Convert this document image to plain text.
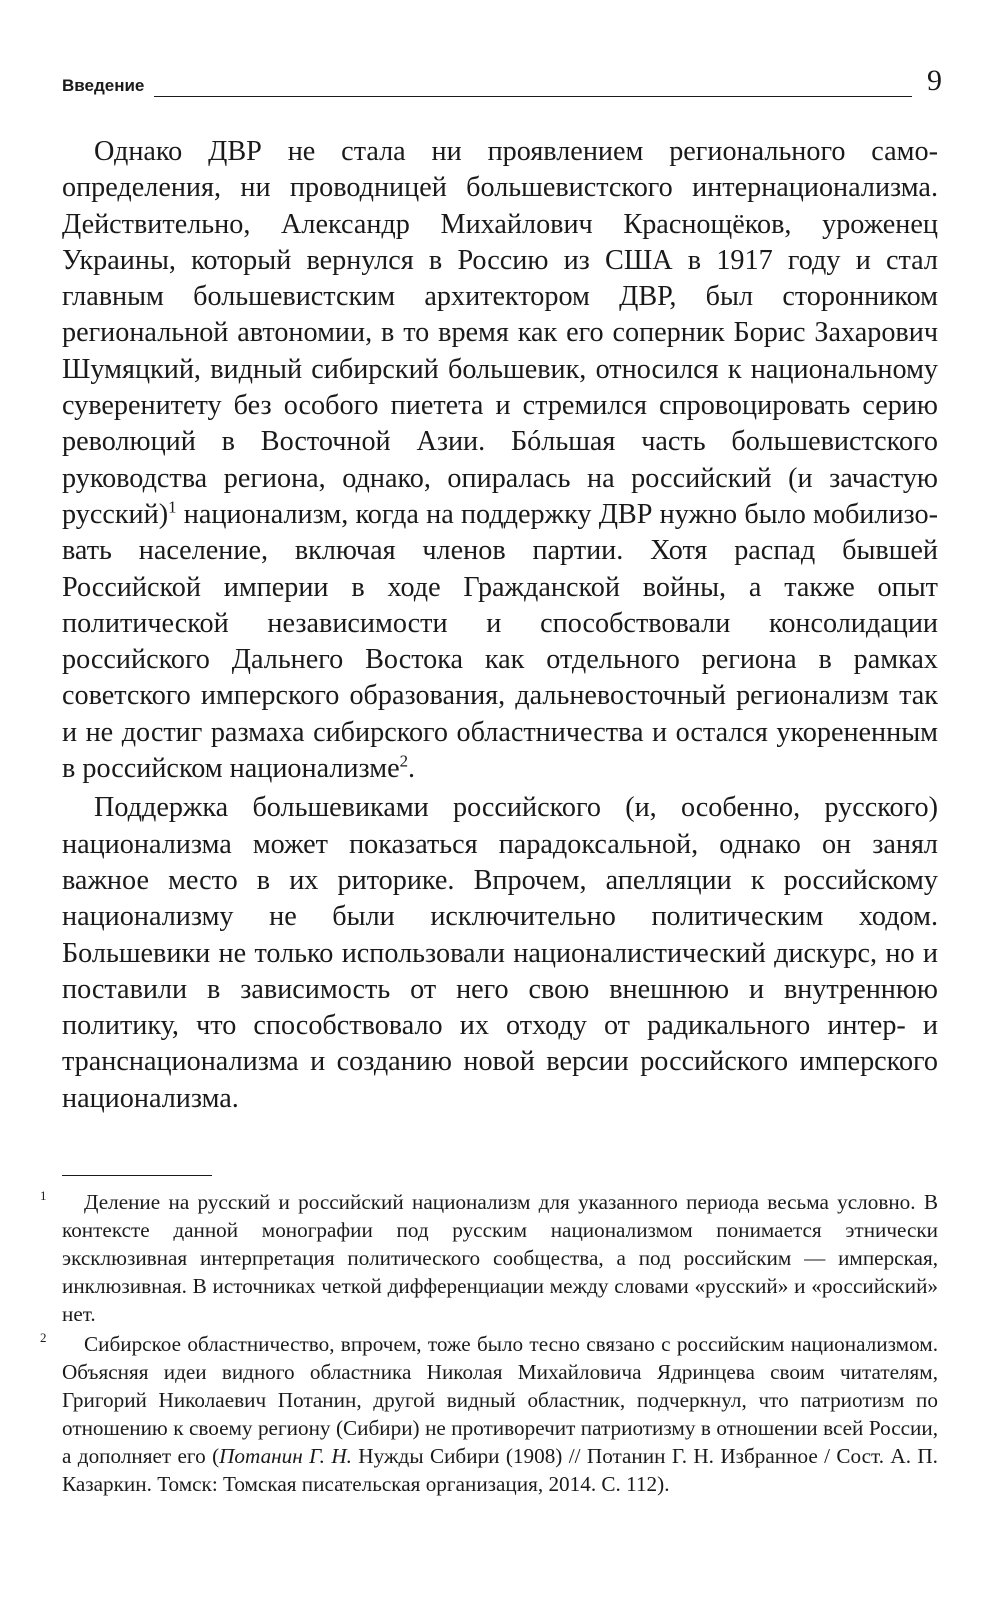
Введение	9

Однако ДВР не стала ни проявлением регионального самоопределения, ни проводницей большевистского интернационализма. Действительно, Александр Михайлович Краснощёков, уроженец Украины, который вернулся в Россию из США в 1917 году и стал главным большевистским архитектором ДВР, был сторонником региональной автономии, в то время как его соперник Борис Захарович Шумяцкий, видный сибирский большевик, относился к национальному суверенитету без особого пиетета и стремился спровоцировать серию революций в Восточной Азии. Бóльшая часть большевистского руководства региона, однако, опиралась на российский (и зачастую русский)$^1$ национализм, когда на поддержку ДВР нужно было мобилизовать население, включая членов партии. Хотя распад бывшей Российской империи в ходе Гражданской войны, а также опыт политической независимости и способствовали консолидации российского Дальнего Востока как отдельного региона в рамках советского имперского образования, дальневосточный регионализм так и не достиг размаха сибирского областничества и остался укорененным в российском национализме$^2$.

Поддержка большевиками российского (и, особенно, русского) национализма может показаться парадоксальной, однако он занял важное место в их риторике. Впрочем, апелляции к российскому национализму не были исключительно политическим ходом. Большевики не только использовали националистический дискурс, но и поставили в зависимость от него свою внешнюю и внутреннюю политику, что способствовало их отходу от радикального интер- и транснационализма и созданию новой версии российского имперского национализма.

1 Деление на русский и российский национализм для указанного периода весьма условно. В контексте данной монографии под русским национализмом понимается этнически эксклюзивная интерпретация политического сообщества, а под российским — имперская, инклюзивная. В источниках четкой дифференциации между словами «русский» и «российский» нет.

2 Сибирское областничество, впрочем, тоже было тесно связано с российским национализмом. Объясняя идеи видного областника Николая Михайловича Ядринцева своим читателям, Григорий Николаевич Потанин, другой видный областник, подчеркнул, что патриотизм по отношению к своему региону (Сибири) не противоречит патриотизму в отношении всей России, а дополняет его (Потанин Г. Н. Нужды Сибири (1908) // Потанин Г. Н. Избранное / Сост. А. П. Казаркин. Томск: Томская писательская организация, 2014. С. 112).
